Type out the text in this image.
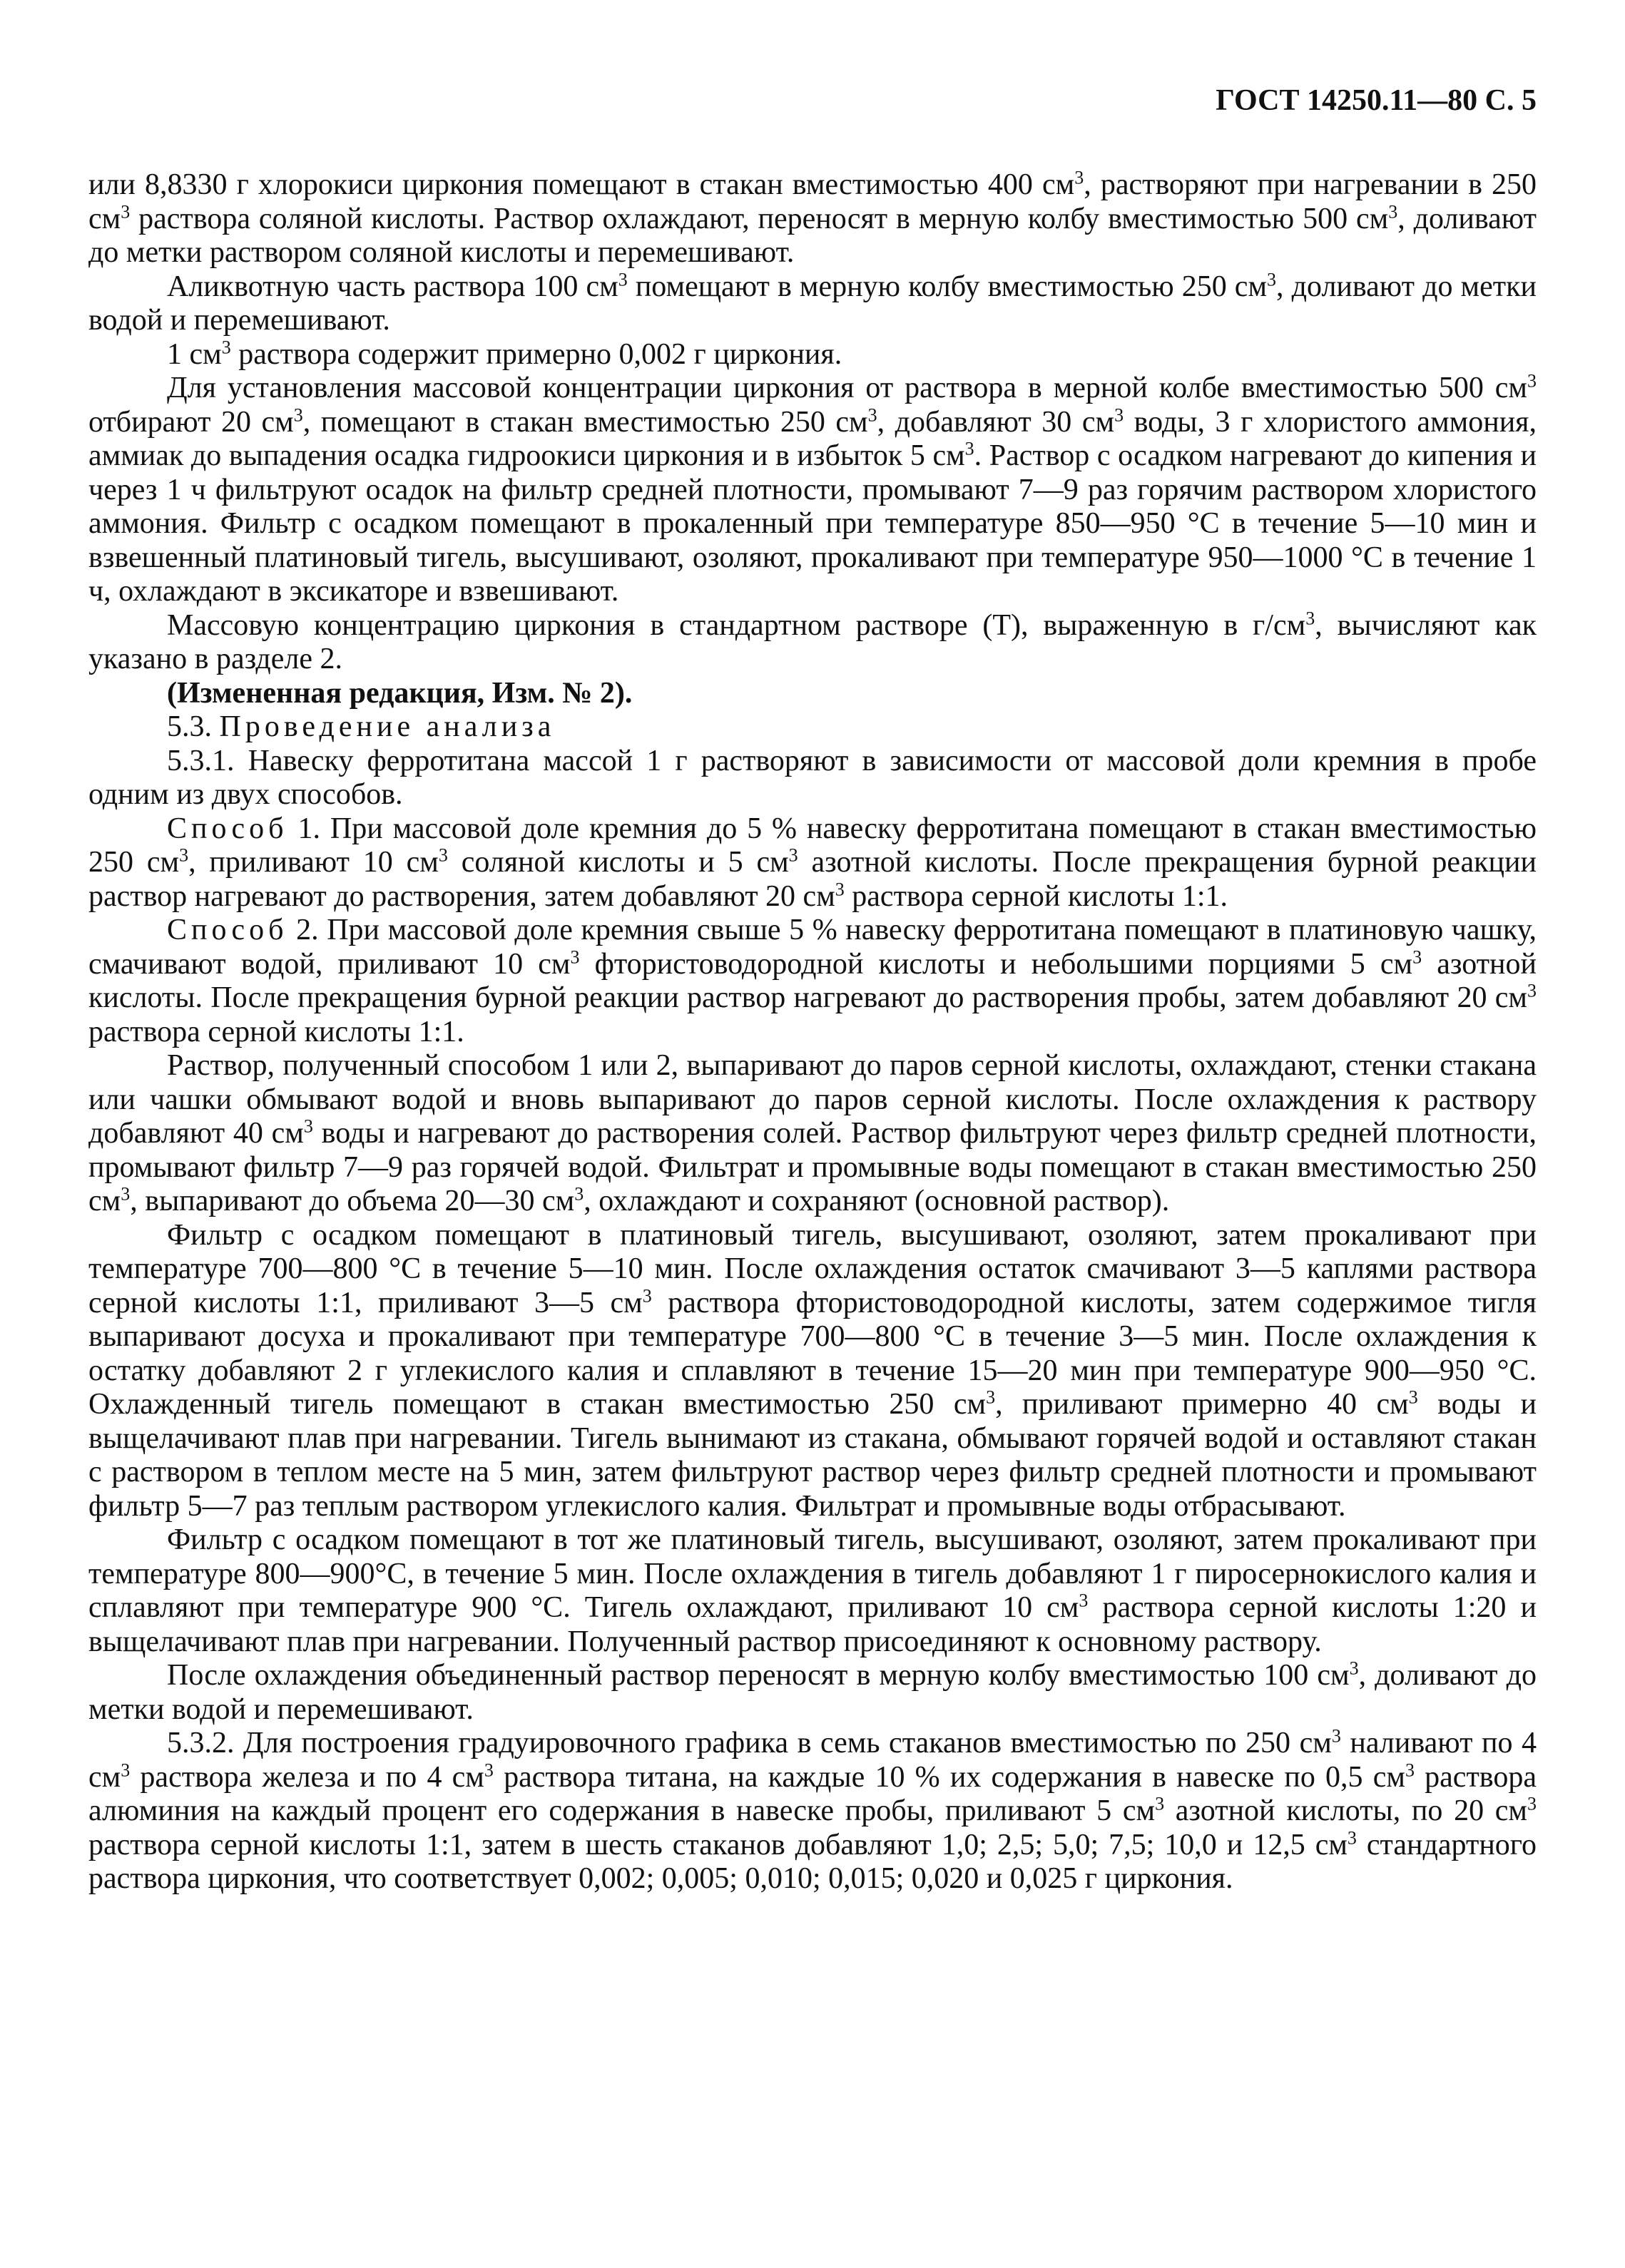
ГОСТ 14250.11—80 С. 5

или 8,8330 г хлорокиси циркония помещают в стакан вместимостью 400 $см^3$, растворяют при нагревании в 250 $см^3$ раствора соляной кислоты. Раствор охлаждают, переносят в мерную колбу вместимостью 500 $см^3$, доливают до метки раствором соляной кислоты и перемешивают.

Аликвотную часть раствора 100 $см^3$ помещают в мерную колбу вместимостью 250 $см^3$, доливают до метки водой и перемешивают.

1 $см^3$ раствора содержит примерно 0,002 г циркония.

Для установления массовой концентрации циркония от раствора в мерной колбе вместимостью 500 $см^3$ отбирают 20 $см^3$, помещают в стакан вместимостью 250 $см^3$, добавляют 30 $см^3$ воды, 3 г хлористого аммония, аммиак до выпадения осадка гидроокиси циркония и в избыток 5 $см^3$. Раствор с осадком нагревают до кипения и через 1 ч фильтруют осадок на фильтр средней плотности, промывают 7—9 раз горячим раствором хлористого аммония. Фильтр с осадком помещают в прокаленный при температуре 850—950 °С в течение 5—10 мин и взвешенный платиновый тигель, высушивают, озоляют, прокаливают при температуре 950—1000 °С в течение 1 ч, охлаждают в эксикаторе и взвешивают.

Массовую концентрацию циркония в стандартном растворе (Т), выраженную в $г/см^3$, вычисляют как указано в разделе 2.

(Измененная редакция, Изм. № 2).

5.3. Проведение анализа

5.3.1. Навеску ферротитана массой 1 г растворяют в зависимости от массовой доли кремния в пробе одним из двух способов.

Способ 1. При массовой доле кремния до 5 % навеску ферротитана помещают в стакан вместимостью 250 $см^3$, приливают 10 $см^3$ соляной кислоты и 5 $см^3$ азотной кислоты. После прекращения бурной реакции раствор нагревают до растворения, затем добавляют 20 $см^3$ раствора серной кислоты 1:1.

Способ 2. При массовой доле кремния свыше 5 % навеску ферротитана помещают в платиновую чашку, смачивают водой, приливают 10 $см^3$ фтористоводородной кислоты и небольшими порциями 5 $см^3$ азотной кислоты. После прекращения бурной реакции раствор нагревают до растворения пробы, затем добавляют 20 $см^3$ раствора серной кислоты 1:1.

Раствор, полученный способом 1 или 2, выпаривают до паров серной кислоты, охлаждают, стенки стакана или чашки обмывают водой и вновь выпаривают до паров серной кислоты. После охлаждения к раствору добавляют 40 $см^3$ воды и нагревают до растворения солей. Раствор фильтруют через фильтр средней плотности, промывают фильтр 7—9 раз горячей водой. Фильтрат и промывные воды помещают в стакан вместимостью 250 $см^3$, выпаривают до объема 20—30 $см^3$, охлаждают и сохраняют (основной раствор).

Фильтр с осадком помещают в платиновый тигель, высушивают, озоляют, затем прокаливают при температуре 700—800 °С в течение 5—10 мин. После охлаждения остаток смачивают 3—5 каплями раствора серной кислоты 1:1, приливают 3—5 $см^3$ раствора фтористоводородной кислоты, затем содержимое тигля выпаривают досуха и прокаливают при температуре 700—800 °С в течение 3—5 мин. После охлаждения к остатку добавляют 2 г углекислого калия и сплавляют в течение 15—20 мин при температуре 900—950 °С. Охлажденный тигель помещают в стакан вместимостью 250 $см^3$, приливают примерно 40 $см^3$ воды и выщелачивают плав при нагревании. Тигель вынимают из стакана, обмывают горячей водой и оставляют стакан с раствором в теплом месте на 5 мин, затем фильтруют раствор через фильтр средней плотности и промывают фильтр 5—7 раз теплым раствором углекислого калия. Фильтрат и промывные воды отбрасывают.

Фильтр с осадком помещают в тот же платиновый тигель, высушивают, озоляют, затем прокаливают при температуре 800—900°С, в течение 5 мин. После охлаждения в тигель добавляют 1 г пиросернокислого калия и сплавляют при температуре 900 °С. Тигель охлаждают, приливают 10 $см^3$ раствора серной кислоты 1:20 и выщелачивают плав при нагревании. Полученный раствор присоединяют к основному раствору.

После охлаждения объединенный раствор переносят в мерную колбу вместимостью 100 $см^3$, доливают до метки водой и перемешивают.

5.3.2. Для построения градуировочного графика в семь стаканов вместимостью по 250 $см^3$ наливают по 4 $см^3$ раствора железа и по 4 $см^3$ раствора титана, на каждые 10 % их содержания в навеске по 0,5 $см^3$ раствора алюминия на каждый процент его содержания в навеске пробы, приливают 5 $см^3$ азотной кислоты, по 20 $см^3$ раствора серной кислоты 1:1, затем в шесть стаканов добавляют 1,0; 2,5; 5,0; 7,5; 10,0 и 12,5 $см^3$ стандартного раствора циркония, что соответствует 0,002; 0,005; 0,010; 0,015; 0,020 и 0,025 г циркония.
